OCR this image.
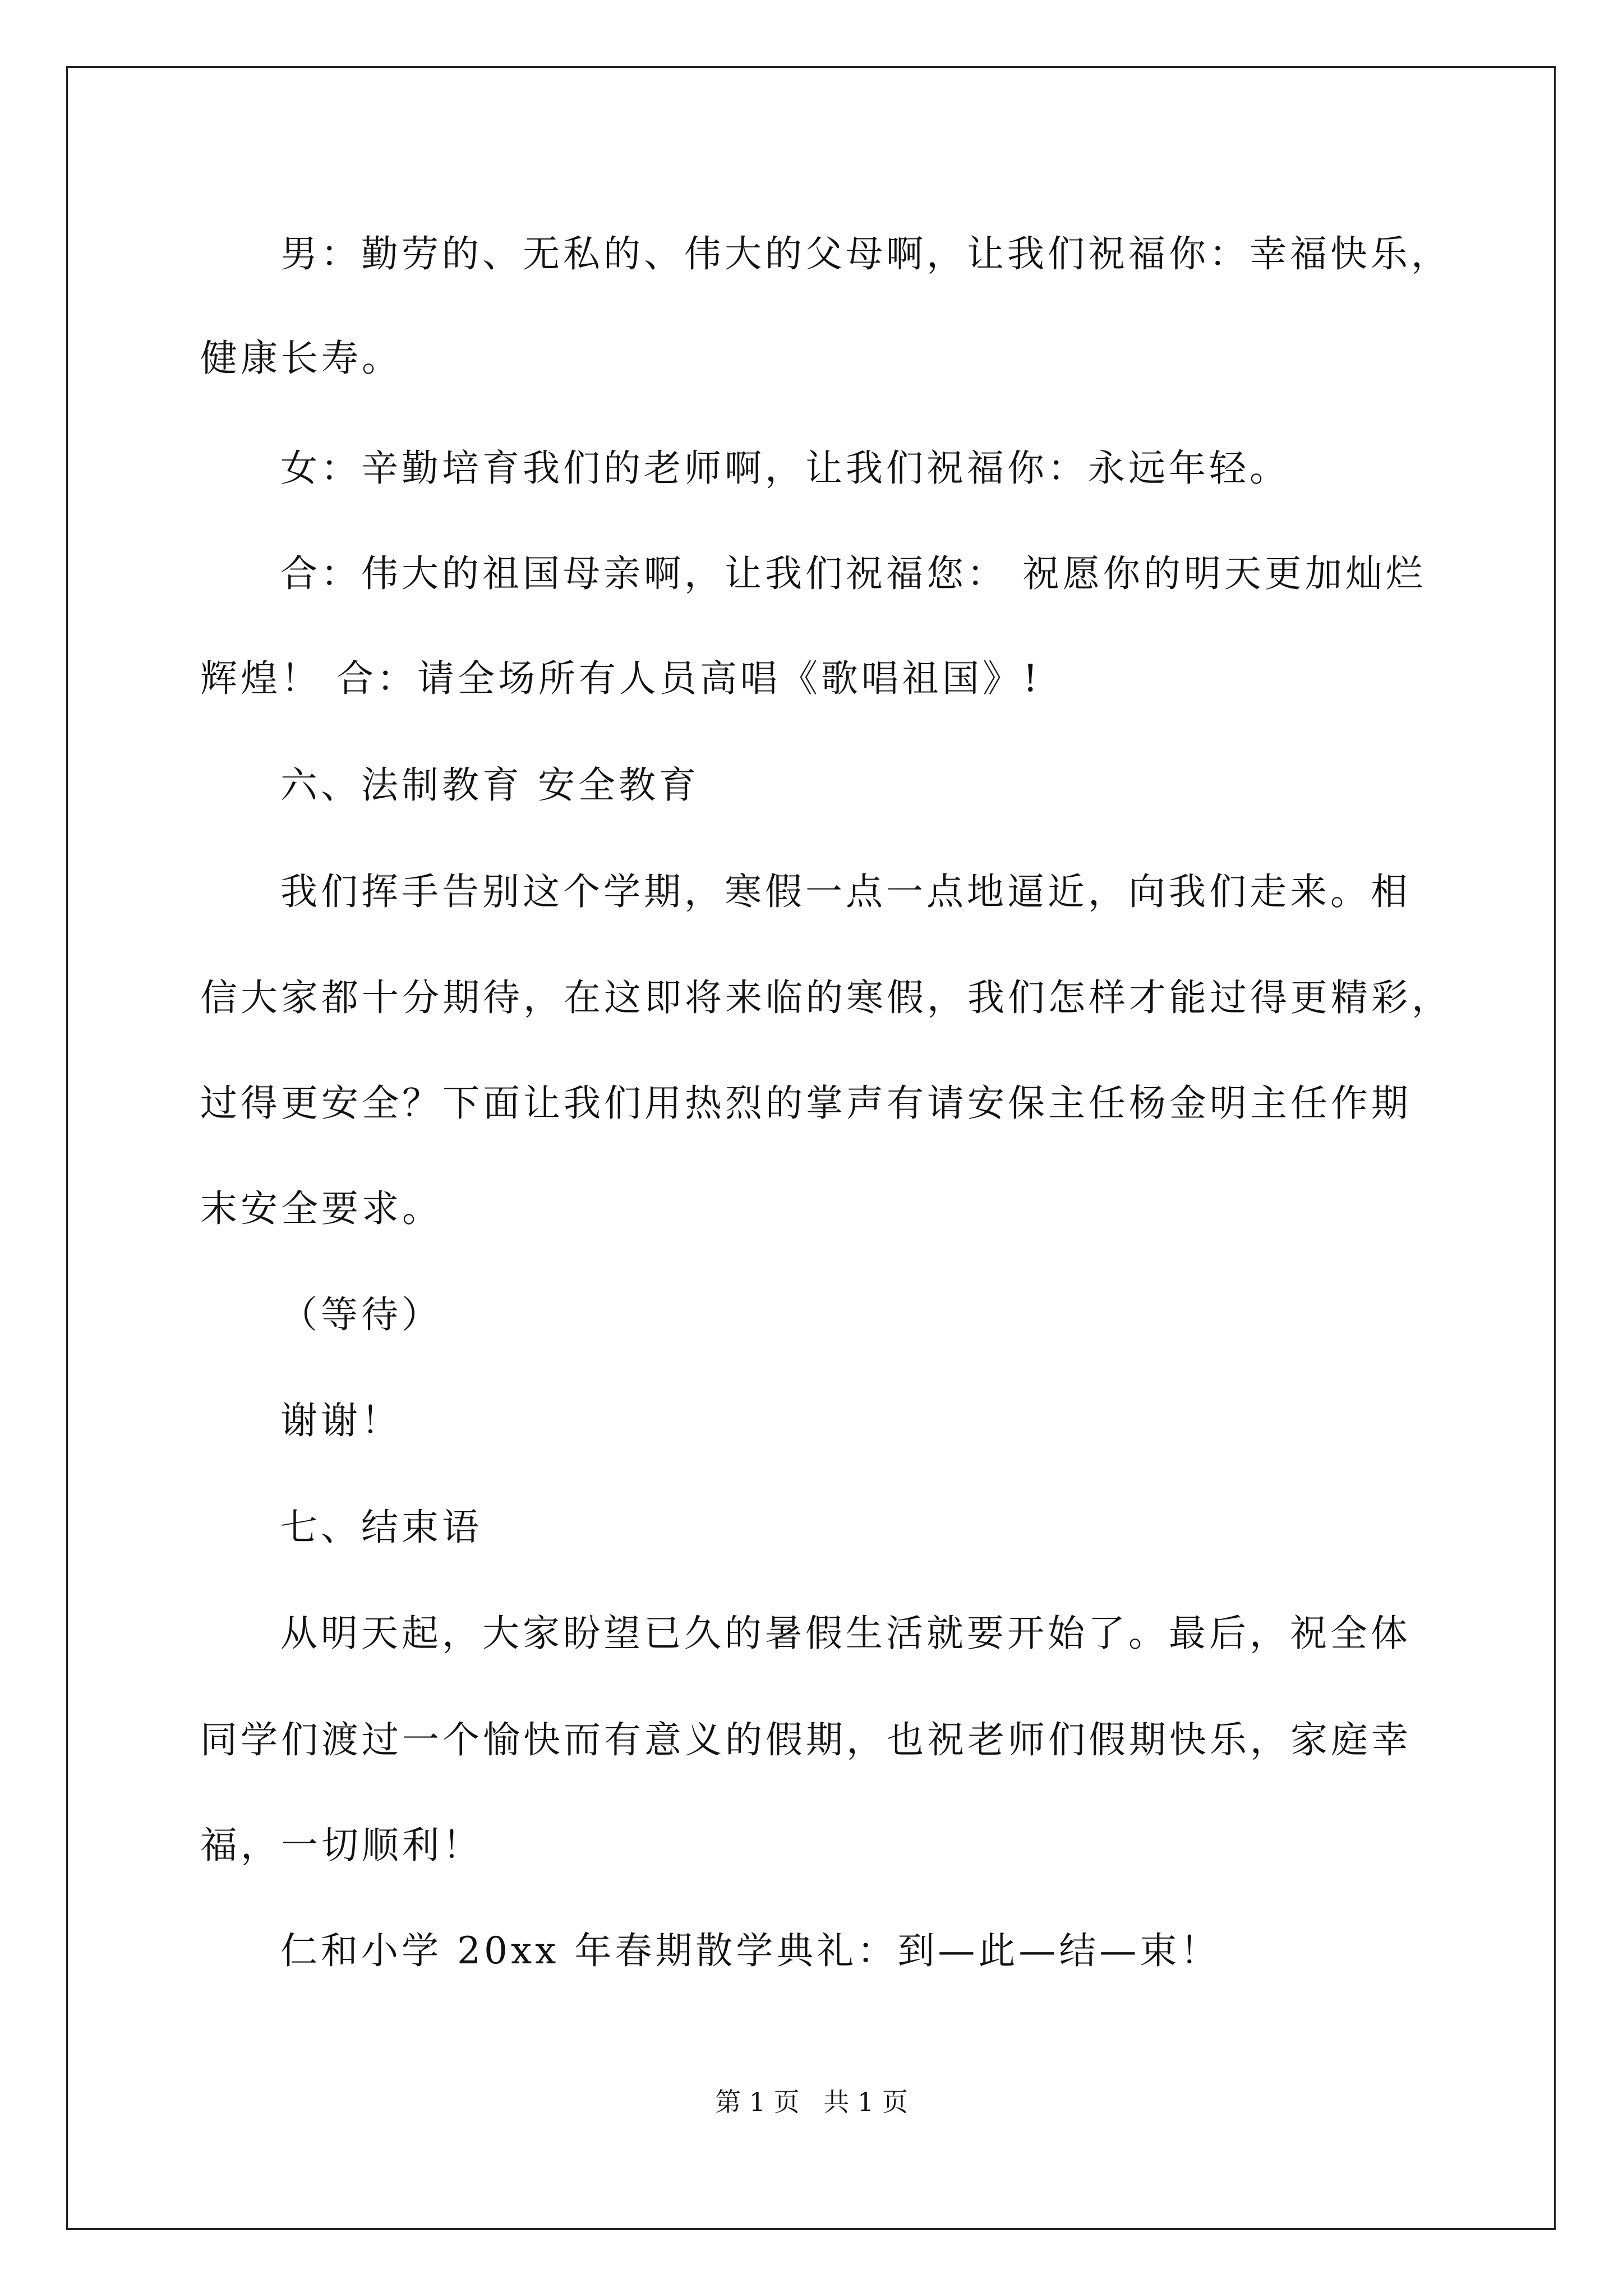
男：勤劳的、无私的、伟大的父母啊，让我们祝福你：幸福快乐，
健康长寿。
女：辛勤培育我们的老师啊，让我们祝福你：永远年轻。
合：伟大的祖国母亲啊，让我们祝福您： 祝愿你的明天更加灿烂
辉煌！ 合：请全场所有人员高唱《歌唱祖国》!
六、法制教育 安全教育
我们挥手告别这个学期，寒假一点一点地逼近，向我们走来。相
信大家都十分期待，在这即将来临的寒假，我们怎样才能过得更精彩，
过得更安全？下面让我们用热烈的掌声有请安保主任杨金明主任作期
末安全要求。
（等待）
谢谢！
七、结束语
从明天起，大家盼望已久的暑假生活就要开始了。最后，祝全体
同学们渡过一个愉快而有意义的假期，也祝老师们假期快乐，家庭幸
福，一切顺利！
仁和小学 20xx 年春期散学典礼：到—此—结—束！
第 1 页 共 1 页
